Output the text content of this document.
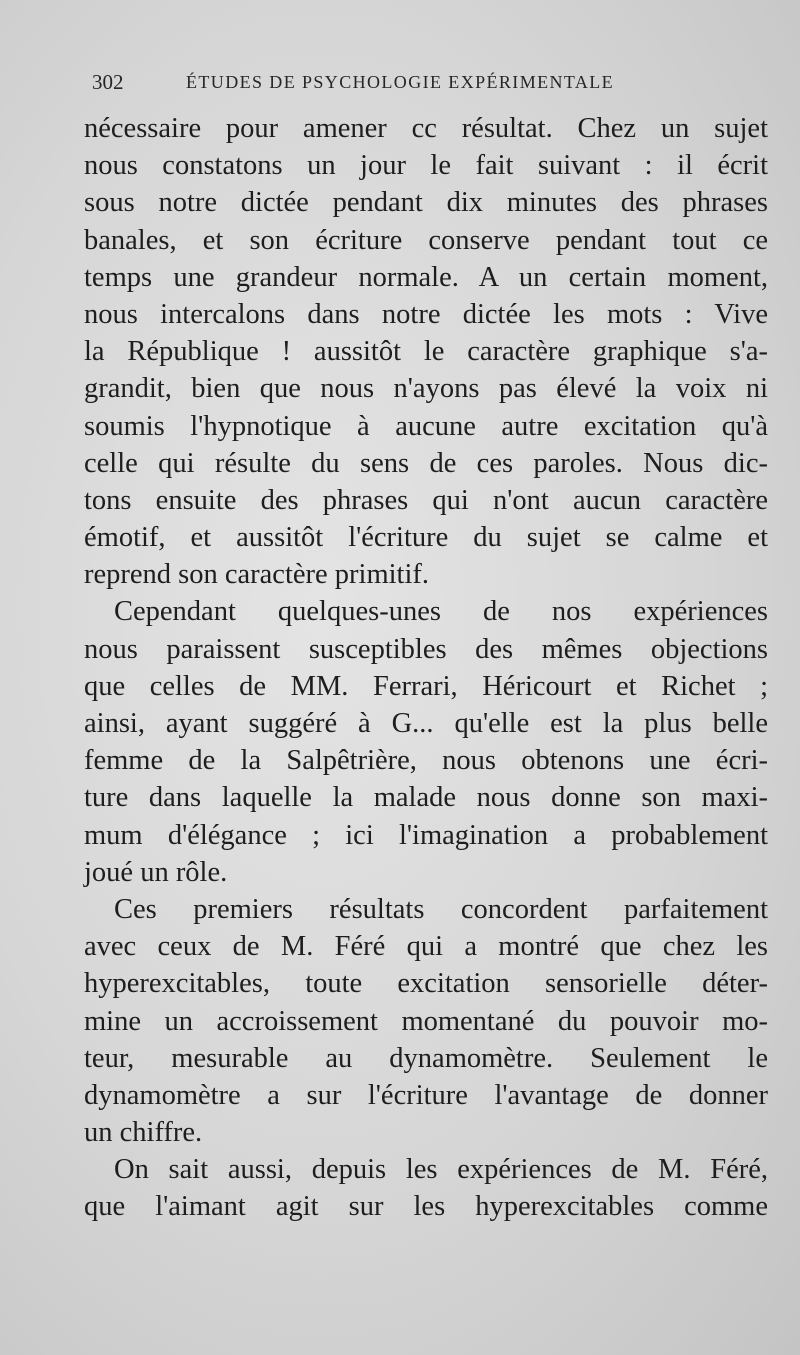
302	ÉTUDES DE PSYCHOLOGIE EXPÉRIMENTALE
nécessaire pour amener cc résultat. Chez un sujet
nous constatons un jour le fait suivant : il écrit
sous notre dictée pendant dix minutes des phrases
banales, et son écriture conserve pendant tout ce
temps une grandeur normale. A un certain moment,
nous intercalons dans notre dictée les mots : Vive
la République ! aussitôt le caractère graphique s'a-
grandit, bien que nous n'ayons pas élevé la voix ni
soumis l'hypnotique à aucune autre excitation qu'à
celle qui résulte du sens de ces paroles. Nous dic-
tons ensuite des phrases qui n'ont aucun caractère
émotif, et aussitôt l'écriture du sujet se calme et
reprend son caractère primitif.
Cependant quelques-unes de nos expériences
nous paraissent susceptibles des mêmes objections
que celles de MM. Ferrari, Héricourt et Richet ;
ainsi, ayant suggéré à G... qu'elle est la plus belle
femme de la Salpêtrière, nous obtenons une écri-
ture dans laquelle la malade nous donne son maxi-
mum d'élégance ; ici l'imagination a probablement
joué un rôle.
Ces premiers résultats concordent parfaitement
avec ceux de M. Féré qui a montré que chez les
hyperexcitables, toute excitation sensorielle déter-
mine un accroissement momentané du pouvoir mo-
teur, mesurable au dynamomètre. Seulement le
dynamomètre a sur l'écriture l'avantage de donner
un chiffre.
On sait aussi, depuis les expériences de M. Féré,
que l'aimant agit sur les hyperexcitables comme
